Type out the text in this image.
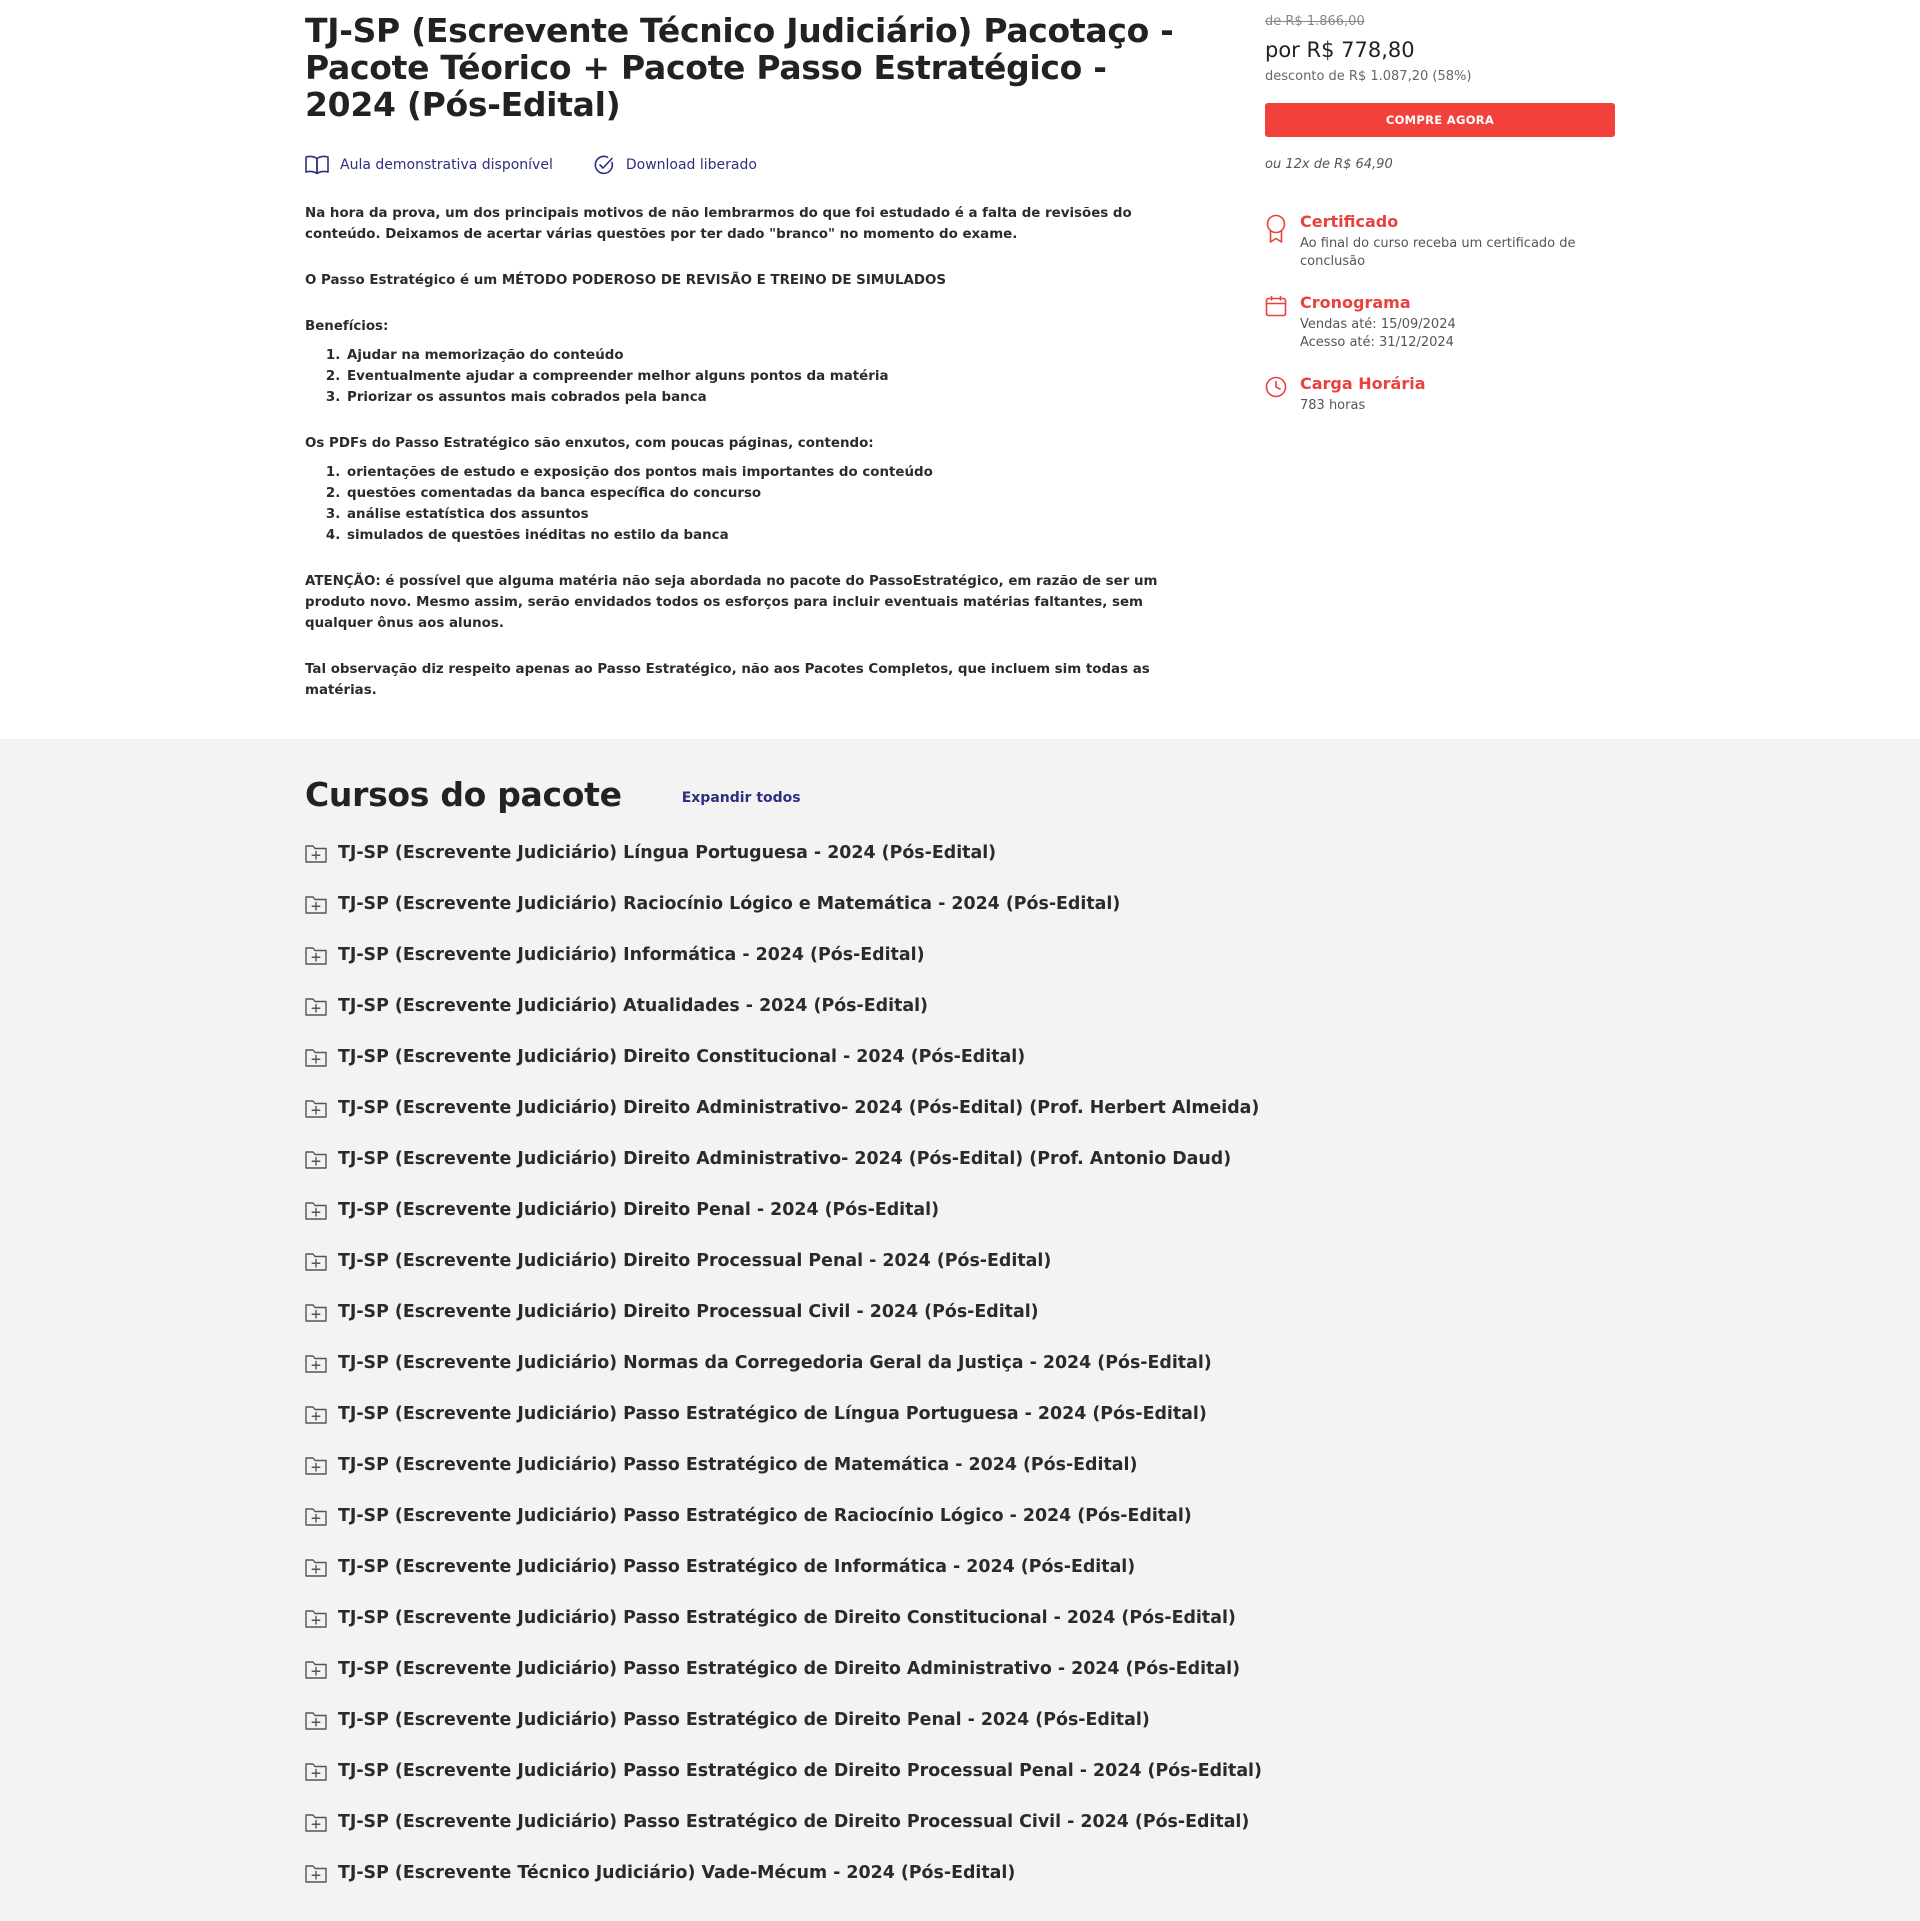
TJ-SP (Escrevente Técnico Judiciário) Pacotaço - Pacote Téorico + Pacote Passo Estratégico - 2024 (Pós-Edital)
Aula demonstrativa disponível	Download liberado

Na hora da prova, um dos principais motivos de não lembrarmos do que foi estudado é a falta de revisões do conteúdo. Deixamos de acertar várias questões por ter dado "branco" no momento do exame.

O Passo Estratégico é um MÉTODO PODEROSO DE REVISÃO E TREINO DE SIMULADOS

Benefícios:

1. Ajudar na memorização do conteúdo
2. Eventualmente ajudar a compreender melhor alguns pontos da matéria
3. Priorizar os assuntos mais cobrados pela banca

Os PDFs do Passo Estratégico são enxutos, com poucas páginas, contendo:

1. orientações de estudo e exposição dos pontos mais importantes do conteúdo
2. questões comentadas da banca específica do concurso
3. análise estatística dos assuntos
4. simulados de questões inéditas no estilo da banca

ATENÇÃO: é possível que alguma matéria não seja abordada no pacote do PassoEstratégico, em razão de ser um produto novo. Mesmo assim, serão envidados todos os esforços para incluir eventuais matérias faltantes, sem qualquer ônus aos alunos.

Tal observação diz respeito apenas ao Passo Estratégico, não aos Pacotes Completos, que incluem sim todas as matérias.

de R$ 1.866,00
por R$ 778,80
desconto de R$ 1.087,20 (58%)
COMPRE AGORA
ou 12x de R$ 64,90
Certificado
Ao final do curso receba um certificado de conclusão
Cronograma
Vendas até: 15/09/2024
Acesso até: 31/12/2024
Carga Horária
783 horas
Cursos do pacote	Expandir todos
TJ-SP (Escrevente Judiciário) Língua Portuguesa - 2024 (Pós-Edital)
TJ-SP (Escrevente Judiciário) Raciocínio Lógico e Matemática - 2024 (Pós-Edital)
TJ-SP (Escrevente Judiciário) Informática - 2024 (Pós-Edital)
TJ-SP (Escrevente Judiciário) Atualidades - 2024 (Pós-Edital)
TJ-SP (Escrevente Judiciário) Direito Constitucional - 2024 (Pós-Edital)
TJ-SP (Escrevente Judiciário) Direito Administrativo- 2024 (Pós-Edital) (Prof. Herbert Almeida)
TJ-SP (Escrevente Judiciário) Direito Administrativo- 2024 (Pós-Edital) (Prof. Antonio Daud)
TJ-SP (Escrevente Judiciário) Direito Penal - 2024 (Pós-Edital)
TJ-SP (Escrevente Judiciário) Direito Processual Penal - 2024 (Pós-Edital)
TJ-SP (Escrevente Judiciário) Direito Processual Civil - 2024 (Pós-Edital)
TJ-SP (Escrevente Judiciário) Normas da Corregedoria Geral da Justiça - 2024 (Pós-Edital)
TJ-SP (Escrevente Judiciário) Passo Estratégico de Língua Portuguesa - 2024 (Pós-Edital)
TJ-SP (Escrevente Judiciário) Passo Estratégico de Matemática - 2024 (Pós-Edital)
TJ-SP (Escrevente Judiciário) Passo Estratégico de Raciocínio Lógico - 2024 (Pós-Edital)
TJ-SP (Escrevente Judiciário) Passo Estratégico de Informática - 2024 (Pós-Edital)
TJ-SP (Escrevente Judiciário) Passo Estratégico de Direito Constitucional - 2024 (Pós-Edital)
TJ-SP (Escrevente Judiciário) Passo Estratégico de Direito Administrativo - 2024 (Pós-Edital)
TJ-SP (Escrevente Judiciário) Passo Estratégico de Direito Penal - 2024 (Pós-Edital)
TJ-SP (Escrevente Judiciário) Passo Estratégico de Direito Processual Penal - 2024 (Pós-Edital)
TJ-SP (Escrevente Judiciário) Passo Estratégico de Direito Processual Civil - 2024 (Pós-Edital)
TJ-SP (Escrevente Técnico Judiciário) Vade-Mécum - 2024 (Pós-Edital)
